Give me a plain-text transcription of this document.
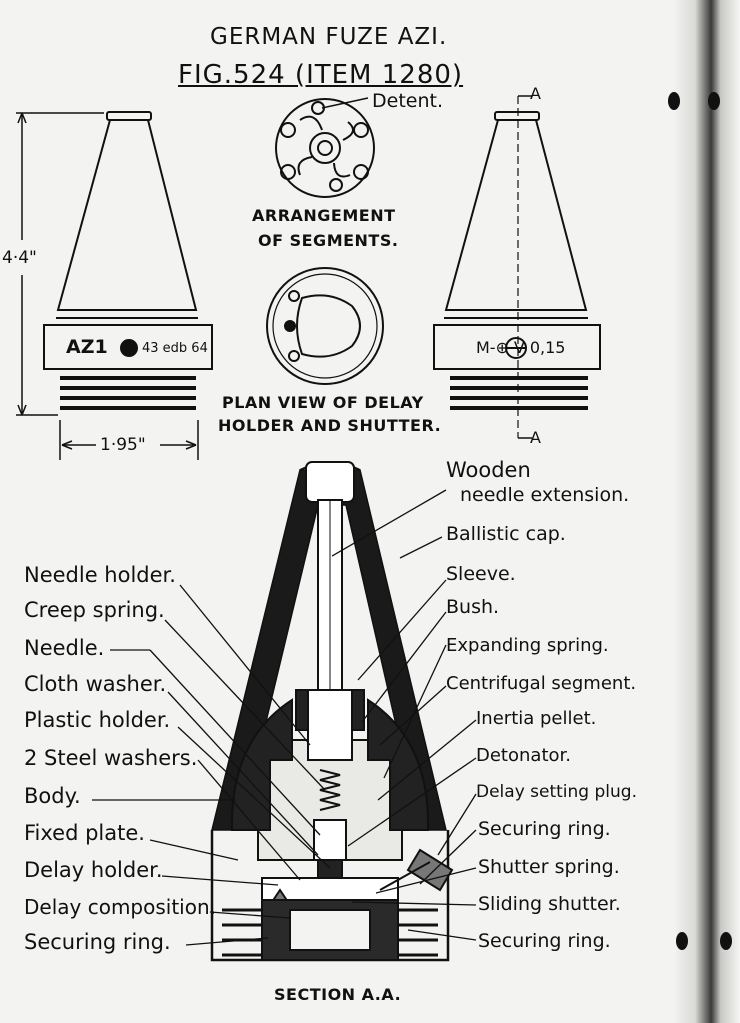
GERMAN FUZE AZI.
FIG.524 (ITEM 1280)
Detent.
ARRANGEMENT
OF SEGMENTS.
PLAN VIEW OF DELAY
HOLDER AND SHUTTER.
4·4"
1·95"
AZ1	43 edb 64	M-⊕-V 0,15
A
A
Needle holder.
Creep spring.
Needle.
Cloth washer.
Plastic holder.
2 Steel washers.
Body.
Fixed plate.
Delay holder.
Delay composition.
Securing ring.
Wooden
needle extension.
Ballistic cap.
Sleeve.
Bush.
Expanding spring.
Centrifugal segment.
Inertia pellet.
Detonator.
Delay setting plug.
Securing ring.
Shutter spring.
Sliding shutter.
Securing ring.
SECTION A.A.
